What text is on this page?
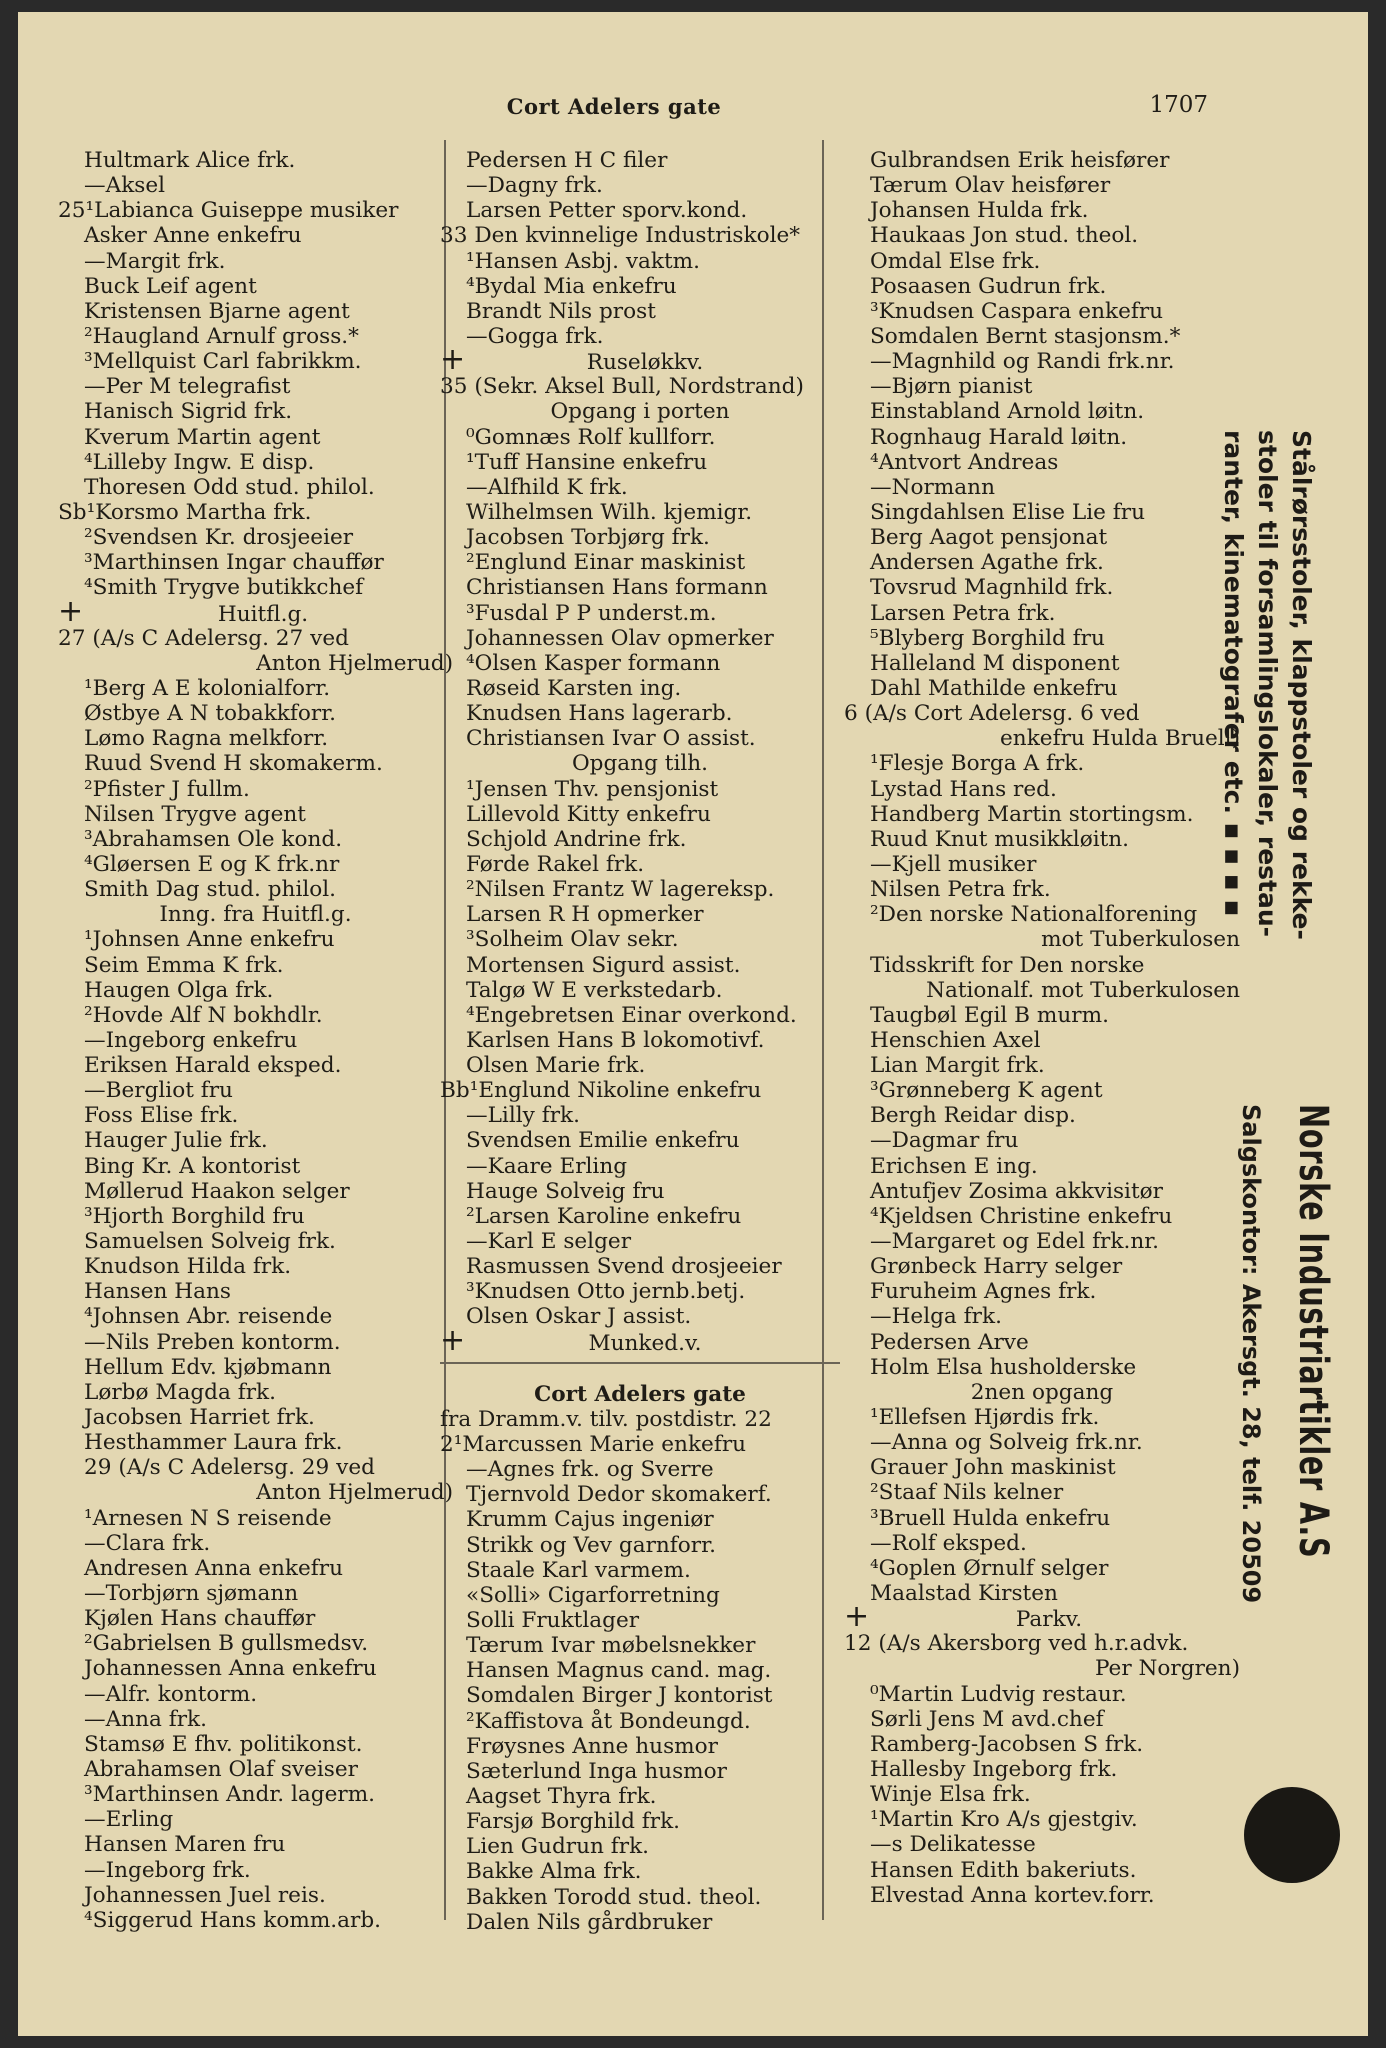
Cort Adelers gate	1707
Hultmark Alice frk.
—Aksel
25¹Labianca Guiseppe musiker
Asker Anne enkefru
—Margit frk.
Buck Leif agent
Kristensen Bjarne agent
²Haugland Arnulf gross.*
³Mellquist Carl fabrikkm.
—Per M telegrafist
Hanisch Sigrid frk.
Kverum Martin agent
⁴Lilleby Ingw. E disp.
Thoresen Odd stud. philol.
Sb¹Korsmo Martha frk.
²Svendsen Kr. drosjeeier
³Marthinsen Ingar chauffør
⁴Smith Trygve butikkchef
+	Huitfl.g.
27 (A/s C Adelersg. 27 ved
Anton Hjelmerud)
¹Berg A E kolonialforr.
Østbye A N tobakkforr.
Lømo Ragna melkforr.
Ruud Svend H skomakerm.
²Pfister J fullm.
Nilsen Trygve agent
³Abrahamsen Ole kond.
⁴Gløersen E og K frk.nr
Smith Dag stud. philol.
Inng. fra Huitfl.g.
¹Johnsen Anne enkefru
Seim Emma K frk.
Haugen Olga frk.
²Hovde Alf N bokhdlr.
—Ingeborg enkefru
Eriksen Harald eksped.
—Bergliot fru
Foss Elise frk.
Hauger Julie frk.
Bing Kr. A kontorist
Møllerud Haakon selger
³Hjorth Borghild fru
Samuelsen Solveig frk.
Knudson Hilda frk.
Hansen Hans
⁴Johnsen Abr. reisende
—Nils Preben kontorm.
Hellum Edv. kjøbmann
Lørbø Magda frk.
Jacobsen Harriet frk.
Hesthammer Laura frk.
29 (A/s C Adelersg. 29 ved
Anton Hjelmerud)
¹Arnesen N S reisende
—Clara frk.
Andresen Anna enkefru
—Torbjørn sjømann
Kjølen Hans chauffør
²Gabrielsen B gullsmedsv.
Johannessen Anna enkefru
—Alfr. kontorm.
—Anna frk.
Stamsø E fhv. politikonst.
Abrahamsen Olaf sveiser
³Marthinsen Andr. lagerm.
—Erling
Hansen Maren fru
—Ingeborg frk.
Johannessen Juel reis.
⁴Siggerud Hans komm.arb.
Pedersen H C filer
—Dagny frk.
Larsen Petter sporv.kond.
33 Den kvinnelige Industriskole*
¹Hansen Asbj. vaktm.
⁴Bydal Mia enkefru
Brandt Nils prost
—Gogga frk.
+	Ruseløkkv.
35 (Sekr. Aksel Bull, Nordstrand)
Opgang i porten
⁰Gomnæs Rolf kullforr.
¹Tuff Hansine enkefru
—Alfhild K frk.
Wilhelmsen Wilh. kjemigr.
Jacobsen Torbjørg frk.
²Englund Einar maskinist
Christiansen Hans formann
³Fusdal P P underst.m.
Johannessen Olav opmerker
⁴Olsen Kasper formann
Røseid Karsten ing.
Knudsen Hans lagerarb.
Christiansen Ivar O assist.
Opgang tilh.
¹Jensen Thv. pensjonist
Lillevold Kitty enkefru
Schjold Andrine frk.
Førde Rakel frk.
²Nilsen Frantz W lagereksp.
Larsen R H opmerker
³Solheim Olav sekr.
Mortensen Sigurd assist.
Talgø W E verkstedarb.
⁴Engebretsen Einar overkond.
Karlsen Hans B lokomotivf.
Olsen Marie frk.
Bb¹Englund Nikoline enkefru
—Lilly frk.
Svendsen Emilie enkefru
—Kaare Erling
Hauge Solveig fru
²Larsen Karoline enkefru
—Karl E selger
Rasmussen Svend drosjeeier
³Knudsen Otto jernb.betj.
Olsen Oskar J assist.
+	Munked.v.
Cort Adelers gate
fra Dramm.v. tilv. postdistr. 22
2¹Marcussen Marie enkefru
—Agnes frk. og Sverre
Tjernvold Dedor skomakerf.
Krumm Cajus ingeniør
Strikk og Vev garnforr.
Staale Karl varmem.
«Solli» Cigarforretning
Solli Fruktlager
Tærum Ivar møbelsnekker
Hansen Magnus cand. mag.
Somdalen Birger J kontorist
²Kaffistova åt Bondeungd.
Frøysnes Anne husmor
Sæterlund Inga husmor
Aagset Thyra frk.
Farsjø Borghild frk.
Lien Gudrun frk.
Bakke Alma frk.
Bakken Torodd stud. theol.
Dalen Nils gårdbruker
Gulbrandsen Erik heisfører
Tærum Olav heisfører
Johansen Hulda frk.
Haukaas Jon stud. theol.
Omdal Else frk.
Posaasen Gudrun frk.
³Knudsen Caspara enkefru
Somdalen Bernt stasjonsm.*
—Magnhild og Randi frk.nr.
—Bjørn pianist
Einstabland Arnold løitn.
Rognhaug Harald løitn.
⁴Antvort Andreas
—Normann
Singdahlsen Elise Lie fru
Berg Aagot pensjonat
Andersen Agathe frk.
Tovsrud Magnhild frk.
Larsen Petra frk.
⁵Blyberg Borghild fru
Halleland M disponent
Dahl Mathilde enkefru
6 (A/s Cort Adelersg. 6 ved
enkefru Hulda Bruell)
¹Flesje Borga A frk.
Lystad Hans red.
Handberg Martin stortingsm.
Ruud Knut musikkløitn.
—Kjell musiker
Nilsen Petra frk.
²Den norske Nationalforening
mot Tuberkulosen
Tidsskrift for Den norske
Nationalf. mot Tuberkulosen
Taugbøl Egil B murm.
Henschien Axel
Lian Margit frk.
³Grønneberg K agent
Bergh Reidar disp.
—Dagmar fru
Erichsen E ing.
Antufjev Zosima akkvisitør
⁴Kjeldsen Christine enkefru
—Margaret og Edel frk.nr.
Grønbeck Harry selger
Furuheim Agnes frk.
—Helga frk.
Pedersen Arve
Holm Elsa husholderske
2nen opgang
¹Ellefsen Hjørdis frk.
—Anna og Solveig frk.nr.
Grauer John maskinist
²Staaf Nils kelner
³Bruell Hulda enkefru
—Rolf eksped.
⁴Goplen Ørnulf selger
Maalstad Kirsten
+	Parkv.
12 (A/s Akersborg ved h.r.advk.
Per Norgren)
⁰Martin Ludvig restaur.
Sørli Jens M avd.chef
Ramberg-Jacobsen S frk.
Hallesby Ingeborg frk.
Winje Elsa frk.
¹Martin Kro A/s gjestgiv.
—s Delikatesse
Hansen Edith bakeriuts.
Elvestad Anna kortev.forr.
Stålrørsstoler, klappstoler og rekke-
stoler til forsamlingslokaler, restau-
ranter, kinematografer etc. ▪ ▪ ▪ ▪
Norske Industriartikler A.S
Salgskontor: Akersgt. 28, telf. 20509
